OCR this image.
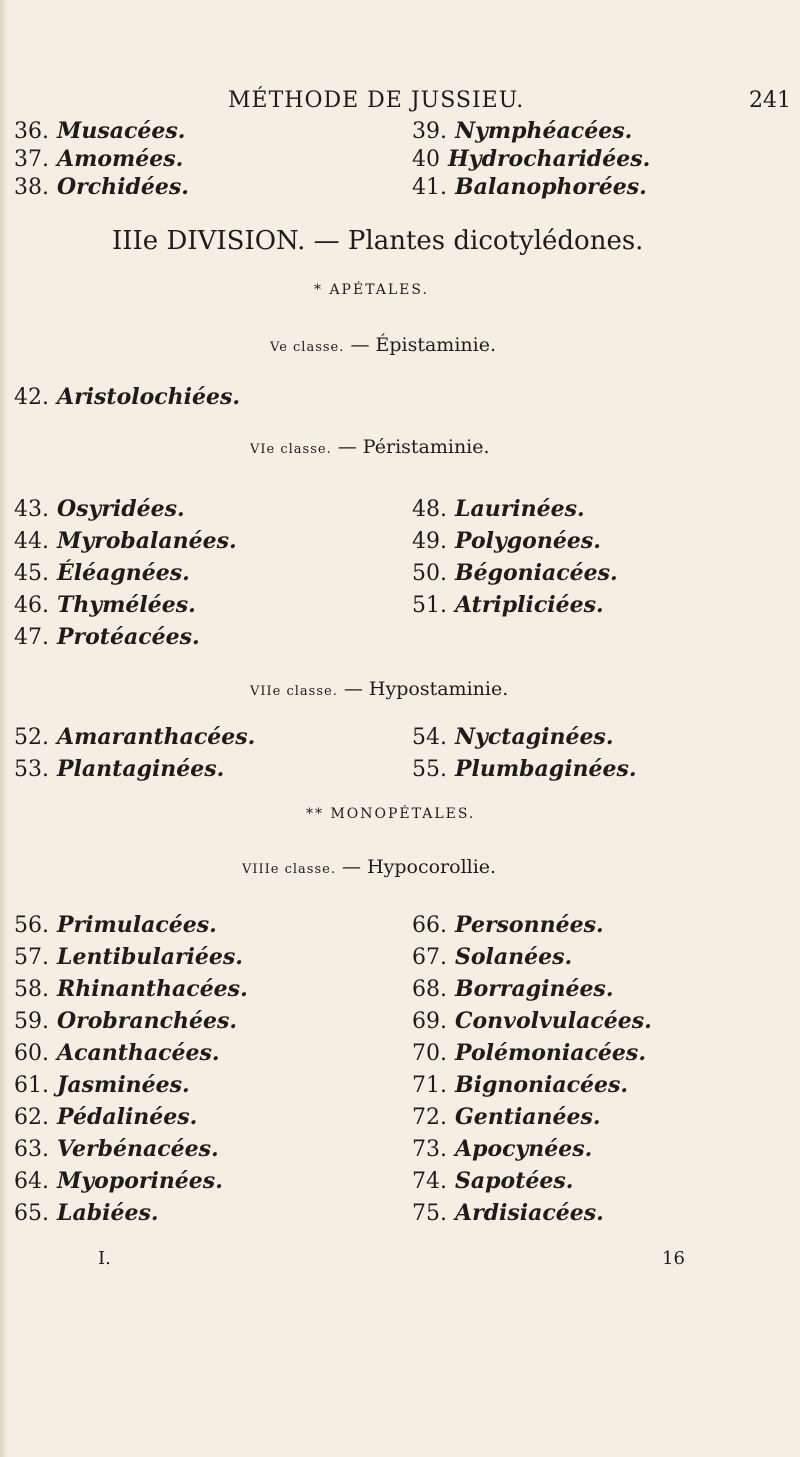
MÉTHODE DE JUSSIEU.	241
36. Musacées.
37. Amomées.
38. Orchidées.
39. Nymphéacées.
40 Hydrocharidées.
41. Balanophorées.
IIIe DIVISION. — Plantes dicotylédones.
* APÉTALES.
Ve classe. — Épistaminie.
42. Aristolochiées.
VIe classe. — Péristaminie.
43. Osyridées.
44. Myrobalanées.
45. Éléagnées.
46. Thymélées.
47. Protéacées.
48. Laurinées.
49. Polygonées.
50. Bégoniacées.
51. Atripliciées.
VIIe classe. — Hypostaminie.
52. Amaranthacées.
53. Plantaginées.
54. Nyctaginées.
55. Plumbaginées.
** MONOPÉTALES.
VIIIe classe. — Hypocorollie.
56. Primulacées.
57. Lentibulariées.
58. Rhinanthacées.
59. Orobranchées.
60. Acanthacées.
61. Jasminées.
62. Pédalinées.
63. Verbénacées.
64. Myoporinées.
65. Labiées.
66. Personnées.
67. Solanées.
68. Borraginées.
69. Convolvulacées.
70. Polémoniacées.
71. Bignoniacées.
72. Gentianées.
73. Apocynées.
74. Sapotées.
75. Ardisiacées.
I.	16
